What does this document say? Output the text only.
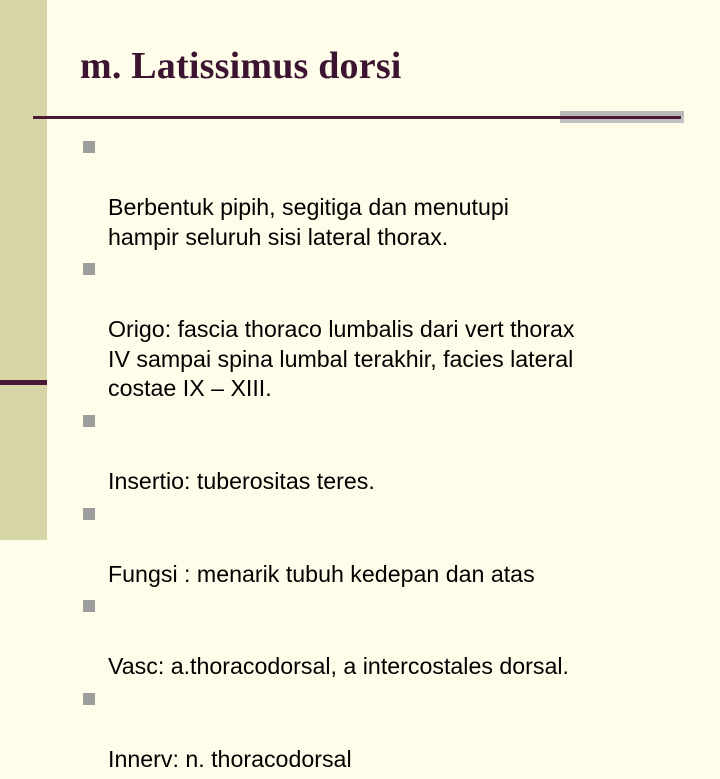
m. Latissimus dorsi

Berbentuk pipih, segitiga dan menutupi
hampir seluruh sisi lateral thorax.

Origo: fascia thoraco lumbalis dari vert thorax
IV sampai spina lumbal terakhir, facies lateral
costae IX – XIII.

Insertio: tuberositas teres.

Fungsi : menarik tubuh kedepan dan atas

Vasc: a.thoracodorsal, a intercostales dorsal.

Innerv: n. thoracodorsal
